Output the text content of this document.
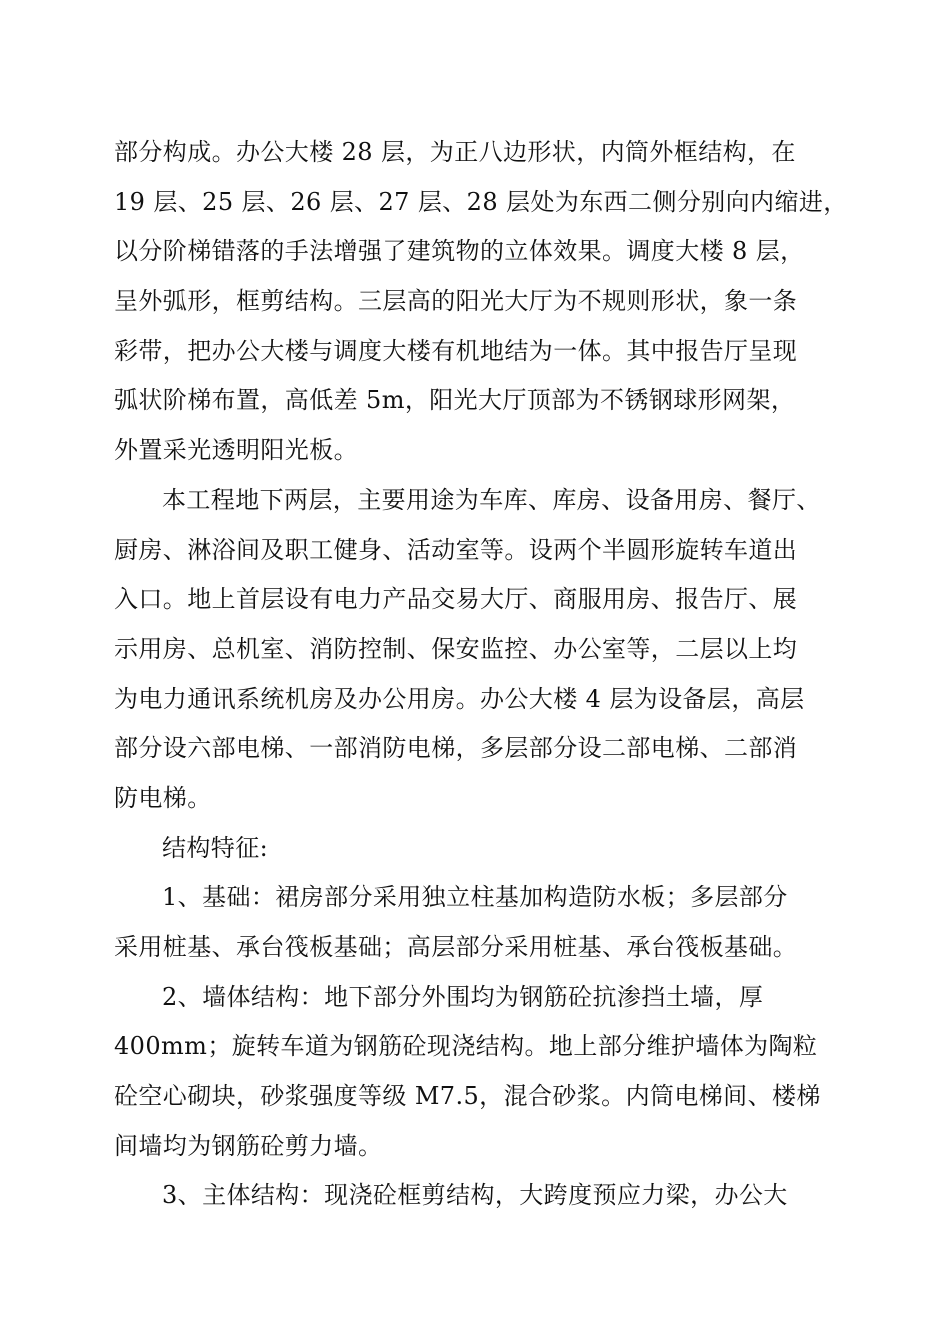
部分构成。办公大楼 28 层，为正八边形状，内筒外框结构，在
19 层、25 层、26 层、27 层、28 层处为东西二侧分别向内缩进，
以分阶梯错落的手法增强了建筑物的立体效果。调度大楼 8 层，
呈外弧形，框剪结构。三层高的阳光大厅为不规则形状，象一条
彩带，把办公大楼与调度大楼有机地结为一体。其中报告厅呈现
弧状阶梯布置，高低差 5m，阳光大厅顶部为不锈钢球形网架，
外置采光透明阳光板。
本工程地下两层，主要用途为车库、库房、设备用房、餐厅、
厨房、淋浴间及职工健身、活动室等。设两个半圆形旋转车道出
入口。地上首层设有电力产品交易大厅、商服用房、报告厅、展
示用房、总机室、消防控制、保安监控、办公室等，二层以上均
为电力通讯系统机房及办公用房。办公大楼 4 层为设备层，高层
部分设六部电梯、一部消防电梯，多层部分设二部电梯、二部消
防电梯。
结构特征:
1、基础：裙房部分采用独立柱基加构造防水板；多层部分
采用桩基、承台筏板基础；高层部分采用桩基、承台筏板基础。
2、墙体结构：地下部分外围均为钢筋砼抗渗挡土墙，厚
400mm；旋转车道为钢筋砼现浇结构。地上部分维护墙体为陶粒
砼空心砌块，砂浆强度等级 M7.5，混合砂浆。内筒电梯间、楼梯
间墙均为钢筋砼剪力墙。
3、主体结构：现浇砼框剪结构，大跨度预应力梁，办公大
